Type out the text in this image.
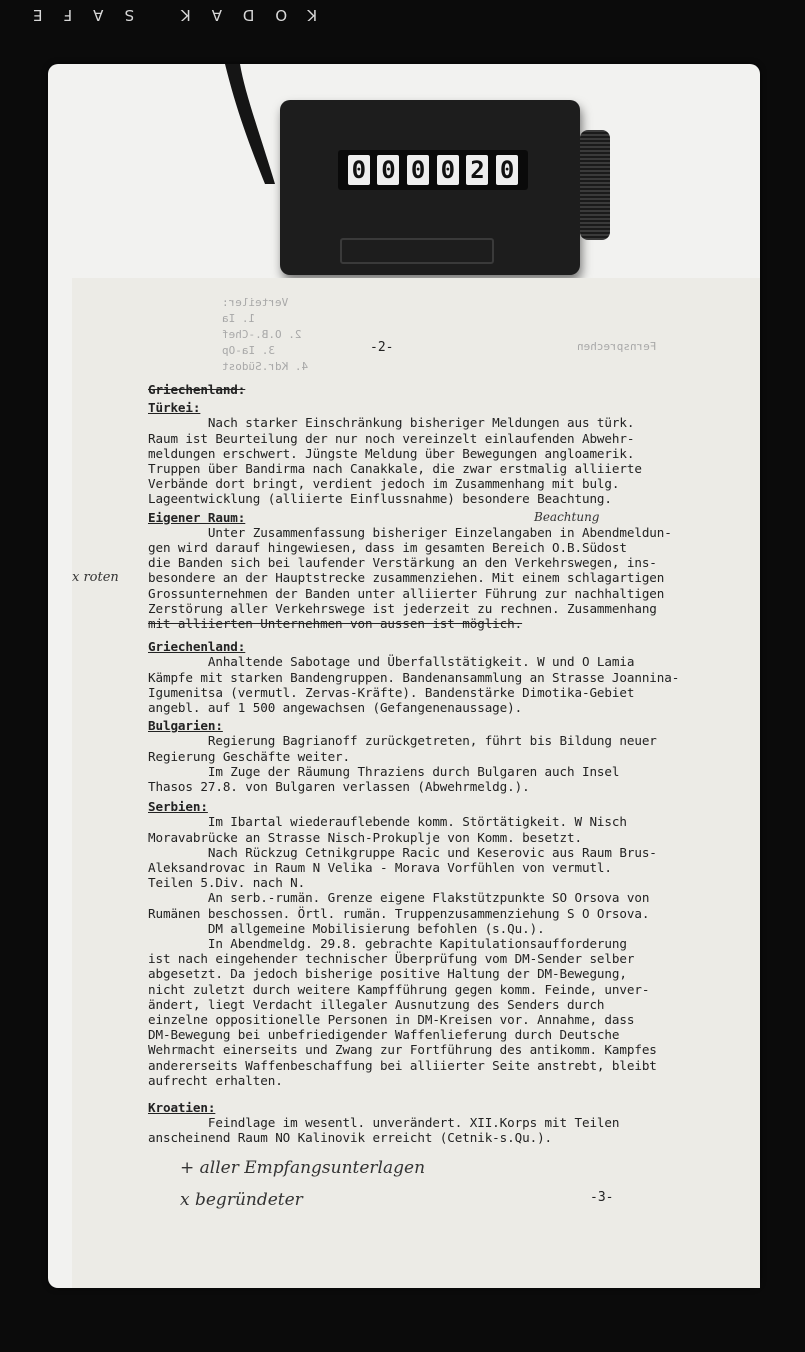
KODAK SAFE
0 0 0 0 2 0
Fernsprechen
Verteiler:
1. Ia
2. O.B.-Chef
3. Ia-Op
4. Kdr.Südost
-2-
Griechenland:
Türkei:
Nach starker Einschränkung bisheriger Meldungen aus türk.
Raum ist Beurteilung der nur noch vereinzelt einlaufenden Abwehr-
meldungen erschwert. Jüngste Meldung über Bewegungen angloamerik.
Truppen über Bandirma nach Canakkale, die zwar erstmalig alliierte
Verbände dort bringt, verdient jedoch im Zusammenhang mit bulg.
Lageentwicklung (alliierte Einflussnahme) besondere Beachtung.
Eigener Raum:
Unter Zusammenfassung bisheriger Einzelangaben in Abendmeldun-
gen wird darauf hingewiesen, dass im gesamten Bereich O.B.Südost
die Banden sich bei laufender Verstärkung an den Verkehrswegen, ins-
besondere an der Hauptstrecke zusammenziehen. Mit einem schlagartigen
Grossunternehmen der Banden unter alliierter Führung zur nachhaltigen
Zerstörung aller Verkehrswege ist jederzeit zu rechnen. Zusammenhang
mit alliierten Unternehmen von aussen ist möglich.
Griechenland:
Anhaltende Sabotage und Überfallstätigkeit. W und O Lamia
Kämpfe mit starken Bandengruppen. Bandenansammlung an Strasse Joannina-
Igumenitsa (vermutl. Zervas-Kräfte). Bandenstärke Dimotika-Gebiet
angebl. auf 1 500 angewachsen (Gefangenenaussage).
Bulgarien:
Regierung Bagrianoff zurückgetreten, führt bis Bildung neuer
Regierung Geschäfte weiter.
Im Zuge der Räumung Thraziens durch Bulgaren auch Insel
Thasos 27.8. von Bulgaren verlassen (Abwehrmeldg.).
Serbien:
Im Ibartal wiederauflebende komm. Störtätigkeit. W Nisch
Moravabrücke an Strasse Nisch-Prokuplje von Komm. besetzt.
Nach Rückzug Cetnikgruppe Racic und Keserovic aus Raum Brus-
Aleksandrovac in Raum N Velika - Morava Vorfühlen von vermutl.
Teilen 5.Div. nach N.
An serb.-rumän. Grenze eigene Flakstützpunkte SO Orsova von
Rumänen beschossen. Örtl. rumän. Truppenzusammenziehung S O Orsova.
DM allgemeine Mobilisierung befohlen (s.Qu.).
In Abendmeldg. 29.8. gebrachte Kapitulationsaufforderung
ist nach eingehender technischer Überprüfung vom DM-Sender selber
abgesetzt. Da jedoch bisherige positive Haltung der DM-Bewegung,
nicht zuletzt durch weitere Kampfführung gegen komm. Feinde, unver-
ändert, liegt Verdacht illegaler Ausnutzung des Senders durch
einzelne oppositionelle Personen in DM-Kreisen vor. Annahme, dass
DM-Bewegung bei unbefriedigender Waffenlieferung durch Deutsche
Wehrmacht einerseits und Zwang zur Fortführung des antikomm. Kampfes
andererseits Waffenbeschaffung bei alliierter Seite anstrebt, bleibt
aufrecht erhalten.
Kroatien:
Feindlage im wesentl. unverändert. XII.Korps mit Teilen
anscheinend Raum NO Kalinovik erreicht (Cetnik-s.Qu.).
x roten
Beachtung
+ aller Empfangsunterlagen
x begründeter	-3-
